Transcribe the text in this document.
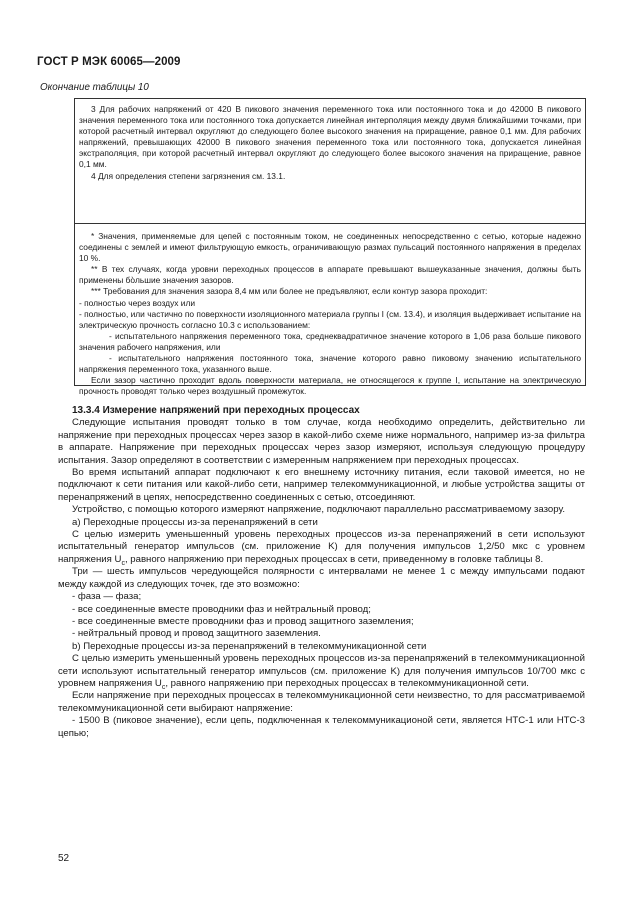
ГОСТ Р МЭК 60065—2009
Окончание таблицы 10

3 Для рабочих напряжений от 420 В пикового значения переменного тока или постоянного тока и до 42000 В пикового значения переменного тока или постоянного тока допускается линейная интерполяция между двумя ближайшими точками, при которой расчетный интервал округляют до следующего более высокого значения на приращение, равное 0,1 мм. Для рабочих напряжений, превышающих 42000 В пикового значения переменного тока или постоянного тока, допускается линейная экстраполяция, при которой расчетный интервал округляют до следующего более высокого значения на приращение, равное 0,1 мм.

4 Для определения степени загрязнения см. 13.1.

* Значения, применяемые для цепей с постоянным током, не соединенных непосредственно с сетью, которые надежно соединены с землей и имеют фильтрующую емкость, ограничивающую размах пульсаций постоянного напряжения в пределах 10 %.

** В тех случаях, когда уровни переходных процессов в аппарате превышают вышеуказанные значения, должны быть применены бо̀льшие значения зазоров.

*** Требования для значения зазора 8,4 мм или более не предъявляют, если контур зазора проходит:

- полностью через воздух или

- полностью, или частично по поверхности изоляционного материала группы I (см. 13.4), и изоляция выдерживает испытание на электрическую прочность согласно 10.3 с использованием:

- испытательного напряжения переменного тока, среднеквадратичное значение которого в 1,06 раза больше пикового значения рабочего напряжения, или

- испытательного напряжения постоянного тока, значение которого равно пиковому значению испытательного напряжения переменного тока, указанного выше.

Если зазор частично проходит вдоль поверхности материала, не относящегося к группе I, испытание на электрическую прочность проводят только через воздушный промежуток.

13.3.4 Измерение напряжений при переходных процессах

Следующие испытания проводят только в том случае, когда необходимо определить, действительно ли напряжение при переходных процессах через зазор в какой-либо схеме ниже нормального, например из-за фильтра в аппарате. Напряжение при переходных процессах через зазор измеряют, используя следующую процедуру испытания. Зазор определяют в соответствии с измеренным напряжением при переходных процессах.

Во время испытаний аппарат подключают к его внешнему источнику питания, если таковой имеется, но не подключают к сети питания или какой-либо сети, например телекоммуникационной, и любые устройства защиты от перенапряжений в цепях, непосредственно соединенных с сетью, отсоединяют.

Устройство, с помощью которого измеряют напряжение, подключают параллельно рассматриваемому зазору.

а) Переходные процессы из-за перенапряжений в сети

С целью измерить уменьшенный уровень переходных процессов из-за перенапряжений в сети используют испытательный генератор импульсов (см. приложение K) для получения импульсов 1,2/50 мкс с уровнем напряжения $U_c$, равного напряжению при переходных процессах в сети, приведенному в головке таблицы 8.

Три — шесть импульсов чередующейся полярности с интервалами не менее 1 с между импульсами подают между каждой из следующих точек, где это возможно:

- фаза — фаза;

- все соединенные вместе проводники фаз и нейтральный провод;

- все соединенные вместе проводники фаз и провод защитного заземления;

- нейтральный провод и провод защитного заземления.

b) Переходные процессы из-за перенапряжений в телекоммуникационной сети

С целью измерить уменьшенный уровень переходных процессов из-за перенапряжений в телекоммуникационной сети используют испытательный генератор импульсов (см. приложение K) для получения импульсов 10/700 мкс с уровнем напряжения $U_c$, равного напряжению при переходных процессах в телекоммуникационной сети.

Если напряжение при переходных процессах в телекоммуникационной сети неизвестно, то для рассматриваемой телекоммуникационной сети выбирают напряжение:

- 1500 В (пиковое значение), если цепь, подключенная к телекоммуникационой сети, является НТС-1 или НТС-3 цепью;

52
